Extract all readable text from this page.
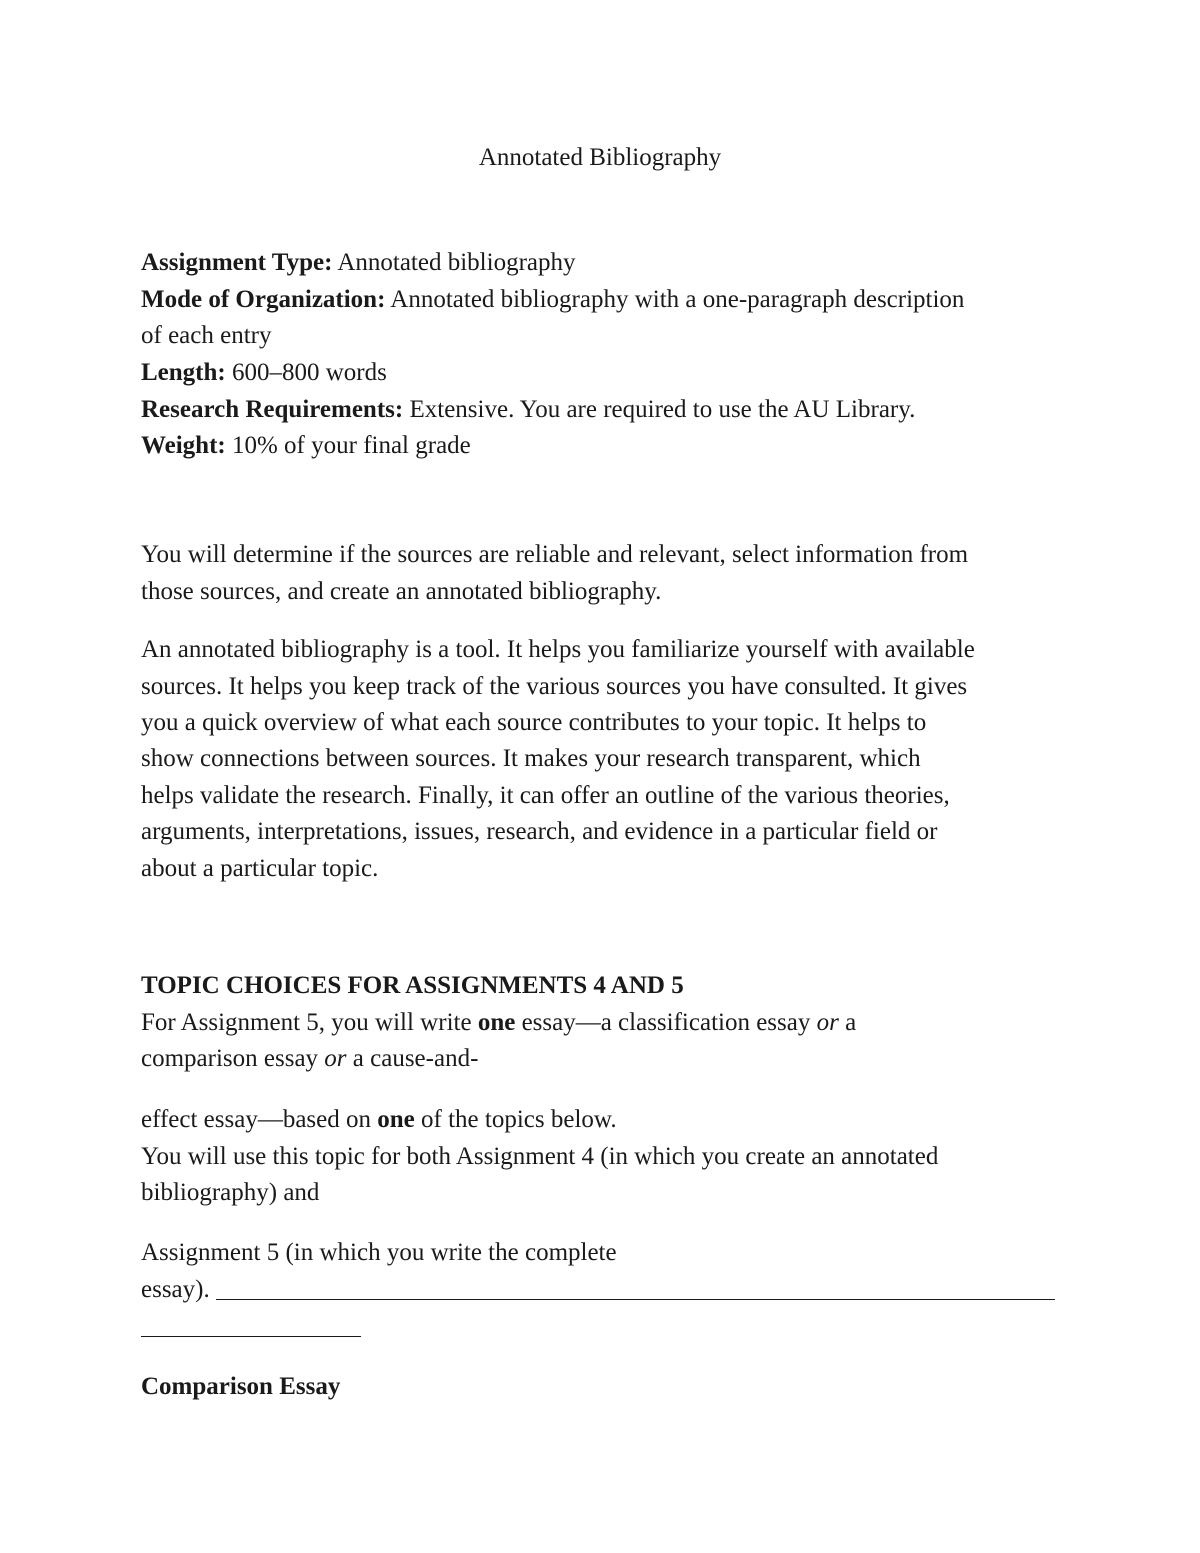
Annotated Bibliography
Assignment Type: Annotated bibliography
Mode of Organization: Annotated bibliography with a one-paragraph description
of each entry
Length: 600–800 words
Research Requirements: Extensive. You are required to use the AU Library.
Weight: 10% of your final grade
You will determine if the sources are reliable and relevant, select information from
those sources, and create an annotated bibliography.
An annotated bibliography is a tool. It helps you familiarize yourself with available
sources. It helps you keep track of the various sources you have consulted. It gives
you a quick overview of what each source contributes to your topic. It helps to
show connections between sources. It makes your research transparent, which
helps validate the research. Finally, it can offer an outline of the various theories,
arguments, interpretations, issues, research, and evidence in a particular field or
about a particular topic.
TOPIC CHOICES FOR ASSIGNMENTS 4 AND 5
For Assignment 5, you will write one essay—a classification essay or a
comparison essay or a cause-and-
effect essay—based on one of the topics below.
You will use this topic for both Assignment 4 (in which you create an annotated
bibliography) and
Assignment 5 (in which you write the complete
essay).
Comparison Essay
